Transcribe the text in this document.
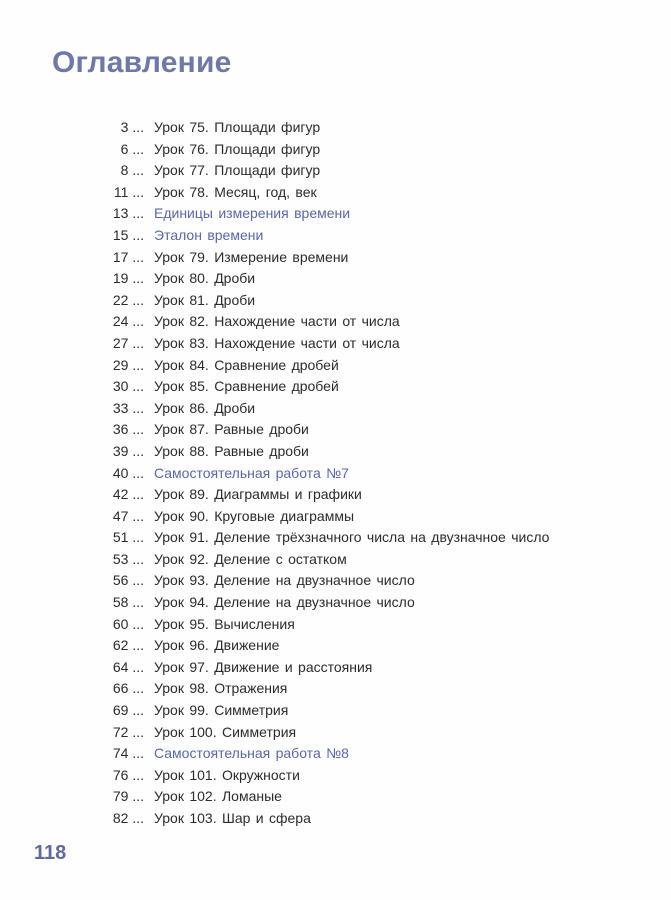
Оглавление
3 ... Урок 75. Площади фигур
6 ... Урок 76. Площади фигур
8 ... Урок 77. Площади фигур
11 ... Урок 78. Месяц, год, век
13 ... Единицы измерения времени
15 ... Эталон времени
17 ... Урок 79. Измерение времени
19 ... Урок 80. Дроби
22 ... Урок 81. Дроби
24 ... Урок 82. Нахождение части от числа
27 ... Урок 83. Нахождение части от числа
29 ... Урок 84. Сравнение дробей
30 ... Урок 85. Сравнение дробей
33 ... Урок 86. Дроби
36 ... Урок 87. Равные дроби
39 ... Урок 88. Равные дроби
40 ... Самостоятельная работа №7
42 ... Урок 89. Диаграммы и графики
47 ... Урок 90. Круговые диаграммы
51 ... Урок 91. Деление трёхзначного числа на двузначное число
53 ... Урок 92. Деление с остатком
56 ... Урок 93. Деление на двузначное число
58 ... Урок 94. Деление на двузначное число
60 ... Урок 95. Вычисления
62 ... Урок 96. Движение
64 ... Урок 97. Движение и расстояния
66 ... Урок 98. Отражения
69 ... Урок 99. Симметрия
72 ... Урок 100. Симметрия
74 ... Самостоятельная работа №8
76 ... Урок 101. Окружности
79 ... Урок 102. Ломаные
82 ... Урок 103. Шар и сфера
118
